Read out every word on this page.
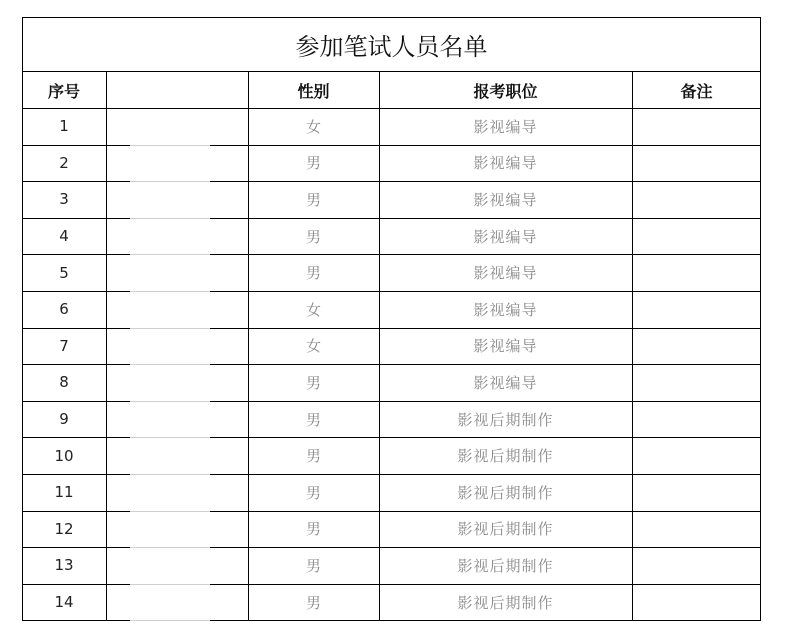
参加笔试人员名单
序号	性别	报考职位	备注
1	女	影视编导
2	男	影视编导
3	男	影视编导
4	男	影视编导
5	男	影视编导
6	女	影视编导
7	女	影视编导
8	男	影视编导
9	男	影视后期制作
10	男	影视后期制作
11	男	影视后期制作
12	男	影视后期制作
13	男	影视后期制作
14	男	影视后期制作
